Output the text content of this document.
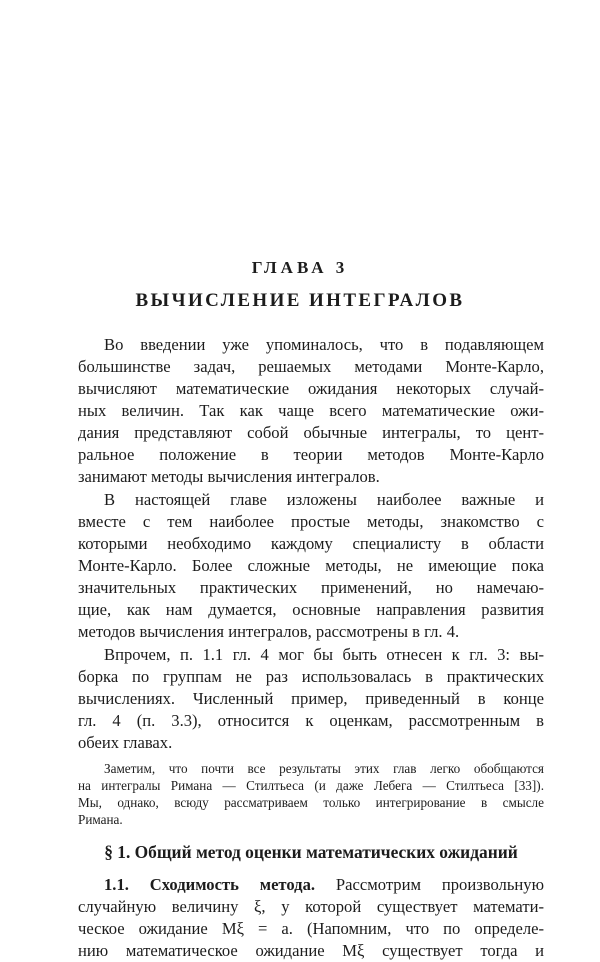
ГЛАВА 3
ВЫЧИСЛЕНИЕ ИНТЕГРАЛОВ

Во введении уже упоминалось, что в подавляющем

большинстве задач, решаемых методами Монте-Карло,

вычисляют математические ожидания некоторых случай-

ных величин. Так как чаще всего математические ожи-

дания представляют собой обычные интегралы, то цент-

ральное положение в теории методов Монте-Карло

занимают методы вычисления интегралов.

В настоящей главе изложены наиболее важные и

вместе с тем наиболее простые методы, знакомство с

которыми необходимо каждому специалисту в области

Монте-Карло. Более сложные методы, не имеющие пока

значительных практических применений, но намечаю-

щие, как нам думается, основные направления развития

методов вычисления интегралов, рассмотрены в гл. 4.

Впрочем, п. 1.1 гл. 4 мог бы быть отнесен к гл. 3: вы-

борка по группам не раз использовалась в практических

вычислениях. Численный пример, приведенный в конце

гл. 4 (п. 3.3), относится к оценкам, рассмотренным в

обеих главах.

§ 1. Общий метод оценки математических ожиданий

1.1. Сходимость метода. Рассмотрим произвольную

случайную величину ξ, у которой существует математи-

ческое ожидание Mξ = a. (Напомним, что по определе-

нию математическое ожидание Mξ существует тогда и

Заметим, что почти все результаты этих глав легко обобщаются

на интегралы Римана — Стилтьеса (и даже Лебега — Стилтьеса [33]).

Мы, однако, всюду рассматриваем только интегрирование в смысле

Римана.
